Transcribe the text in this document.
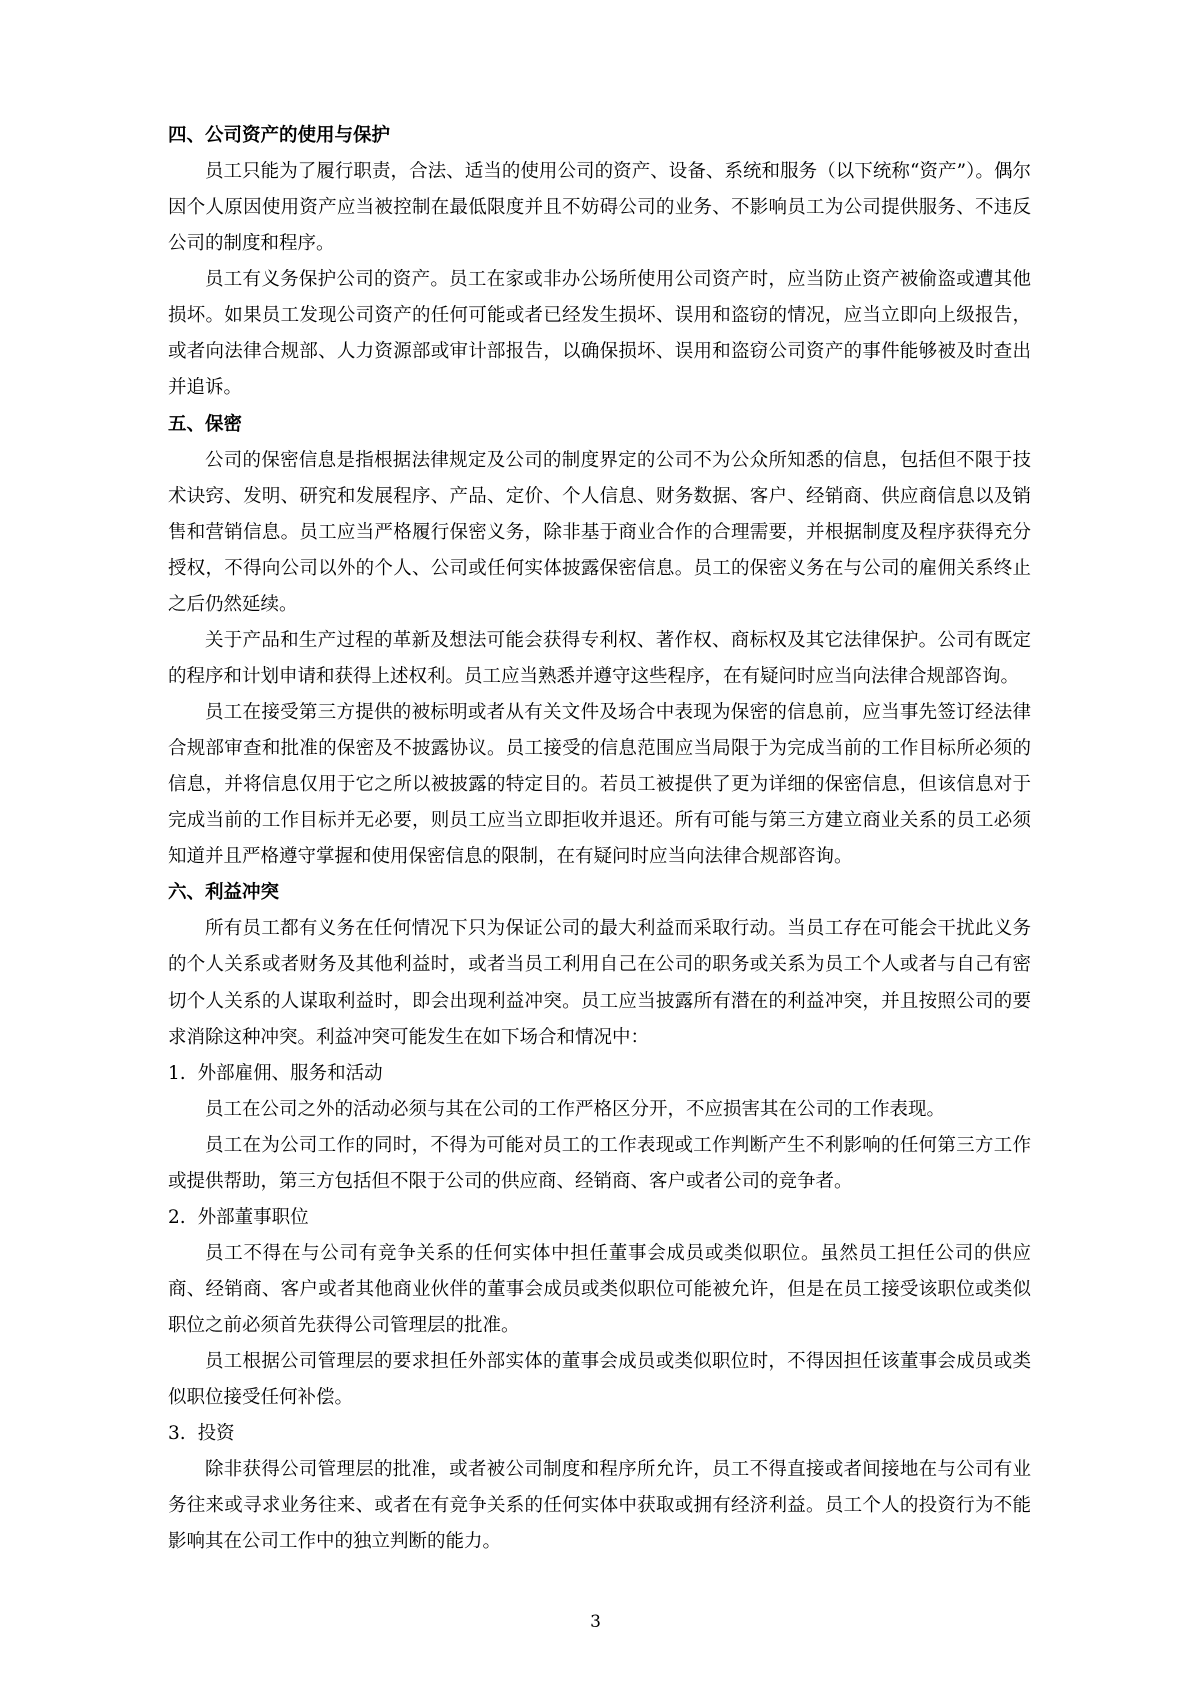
四、公司资产的使用与保护

员工只能为了履行职责，合法、适当的使用公司的资产、设备、系统和服务（以下统称“资产”）。偶尔因个人原因使用资产应当被控制在最低限度并且不妨碍公司的业务、不影响员工为公司提供服务、不违反公司的制度和程序。

员工有义务保护公司的资产。员工在家或非办公场所使用公司资产时，应当防止资产被偷盗或遭其他损坏。如果员工发现公司资产的任何可能或者已经发生损坏、误用和盗窃的情况，应当立即向上级报告，或者向法律合规部、人力资源部或审计部报告，以确保损坏、误用和盗窃公司资产的事件能够被及时查出并追诉。

五、保密

公司的保密信息是指根据法律规定及公司的制度界定的公司不为公众所知悉的信息，包括但不限于技术诀窍、发明、研究和发展程序、产品、定价、个人信息、财务数据、客户、经销商、供应商信息以及销售和营销信息。员工应当严格履行保密义务，除非基于商业合作的合理需要，并根据制度及程序获得充分授权，不得向公司以外的个人、公司或任何实体披露保密信息。员工的保密义务在与公司的雇佣关系终止之后仍然延续。

关于产品和生产过程的革新及想法可能会获得专利权、著作权、商标权及其它法律保护。公司有既定的程序和计划申请和获得上述权利。员工应当熟悉并遵守这些程序，在有疑问时应当向法律合规部咨询。

员工在接受第三方提供的被标明或者从有关文件及场合中表现为保密的信息前，应当事先签订经法律合规部审查和批准的保密及不披露协议。员工接受的信息范围应当局限于为完成当前的工作目标所必须的信息，并将信息仅用于它之所以被披露的特定目的。若员工被提供了更为详细的保密信息，但该信息对于完成当前的工作目标并无必要，则员工应当立即拒收并退还。所有可能与第三方建立商业关系的员工必须知道并且严格遵守掌握和使用保密信息的限制，在有疑问时应当向法律合规部咨询。

六、利益冲突

所有员工都有义务在任何情况下只为保证公司的最大利益而采取行动。当员工存在可能会干扰此义务的个人关系或者财务及其他利益时，或者当员工利用自己在公司的职务或关系为员工个人或者与自己有密切个人关系的人谋取利益时，即会出现利益冲突。员工应当披露所有潜在的利益冲突，并且按照公司的要求消除这种冲突。利益冲突可能发生在如下场合和情况中：

1. 外部雇佣、服务和活动

员工在公司之外的活动必须与其在公司的工作严格区分开，不应损害其在公司的工作表现。

员工在为公司工作的同时，不得为可能对员工的工作表现或工作判断产生不利影响的任何第三方工作或提供帮助，第三方包括但不限于公司的供应商、经销商、客户或者公司的竞争者。

2. 外部董事职位

员工不得在与公司有竞争关系的任何实体中担任董事会成员或类似职位。虽然员工担任公司的供应商、经销商、客户或者其他商业伙伴的董事会成员或类似职位可能被允许，但是在员工接受该职位或类似职位之前必须首先获得公司管理层的批准。

员工根据公司管理层的要求担任外部实体的董事会成员或类似职位时，不得因担任该董事会成员或类似职位接受任何补偿。

3. 投资

除非获得公司管理层的批准，或者被公司制度和程序所允许，员工不得直接或者间接地在与公司有业务往来或寻求业务往来、或者在有竞争关系的任何实体中获取或拥有经济利益。员工个人的投资行为不能影响其在公司工作中的独立判断的能力。

3
